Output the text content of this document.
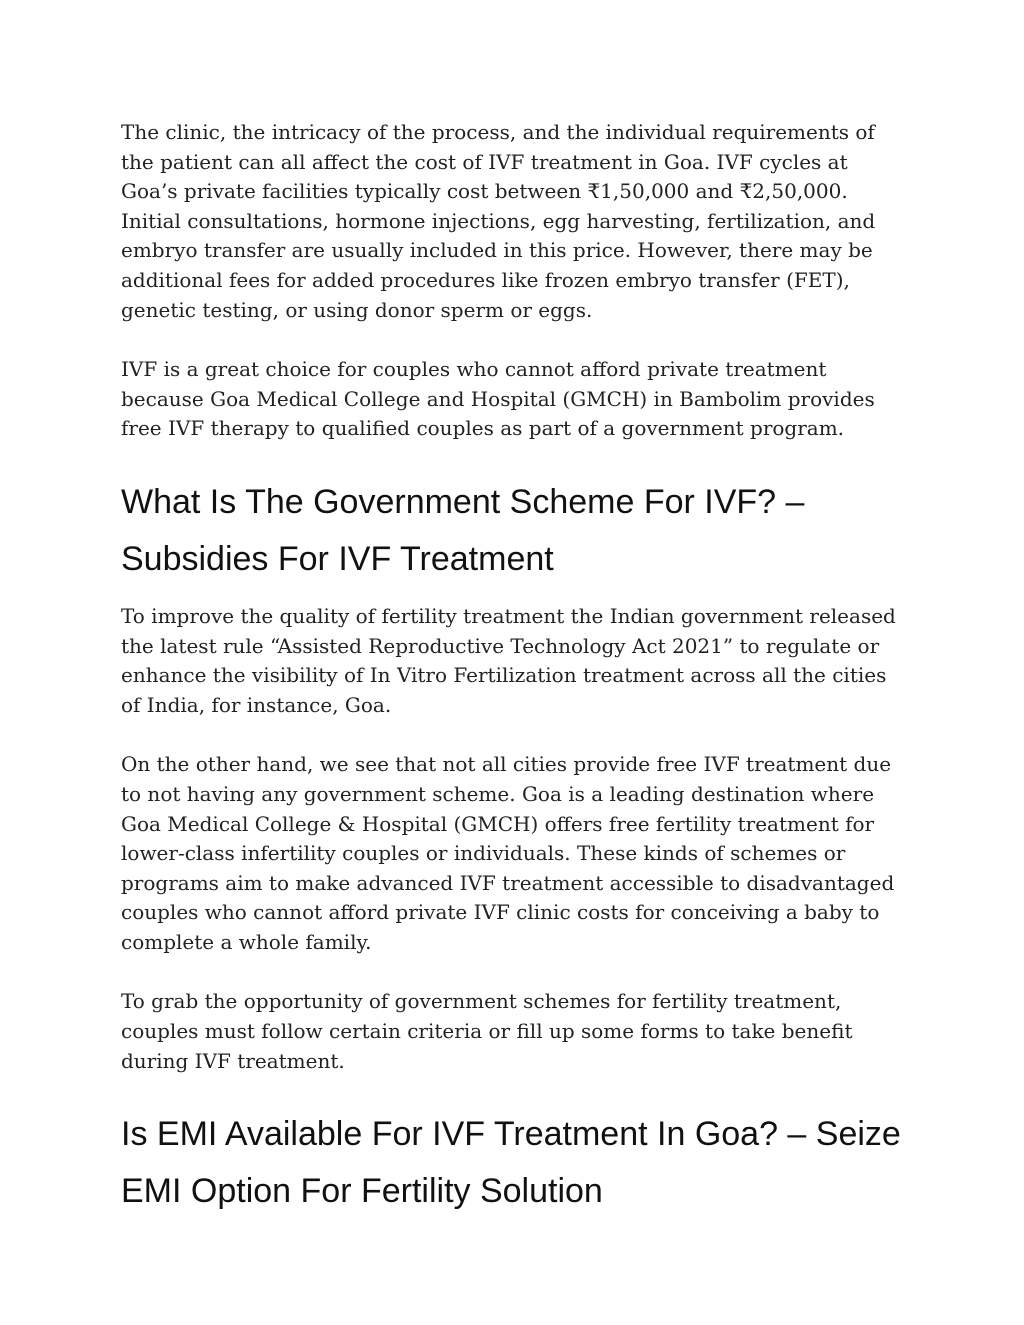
The clinic, the intricacy of the process, and the individual requirements of the patient can all affect the cost of IVF treatment in Goa. IVF cycles at Goa’s private facilities typically cost between ₹1,50,000 and ₹2,50,000. Initial consultations, hormone injections, egg harvesting, fertilization, and embryo transfer are usually included in this price. However, there may be additional fees for added procedures like frozen embryo transfer (FET), genetic testing, or using donor sperm or eggs.

IVF is a great choice for couples who cannot afford private treatment because Goa Medical College and Hospital (GMCH) in Bambolim provides free IVF therapy to qualified couples as part of a government program.

What Is The Government Scheme For IVF? – Subsidies For IVF Treatment

To improve the quality of fertility treatment the Indian government released the latest rule “Assisted Reproductive Technology Act 2021” to regulate or enhance the visibility of In Vitro Fertilization treatment across all the cities of India, for instance, Goa.

On the other hand, we see that not all cities provide free IVF treatment due to not having any government scheme. Goa is a leading destination where Goa Medical College & Hospital (GMCH) offers free fertility treatment for lower-class infertility couples or individuals. These kinds of schemes or programs aim to make advanced IVF treatment accessible to disadvantaged couples who cannot afford private IVF clinic costs for conceiving a baby to complete a whole family.

To grab the opportunity of government schemes for fertility treatment, couples must follow certain criteria or fill up some forms to take benefit during IVF treatment.

Is EMI Available For IVF Treatment In Goa? – Seize EMI Option For Fertility Solution
